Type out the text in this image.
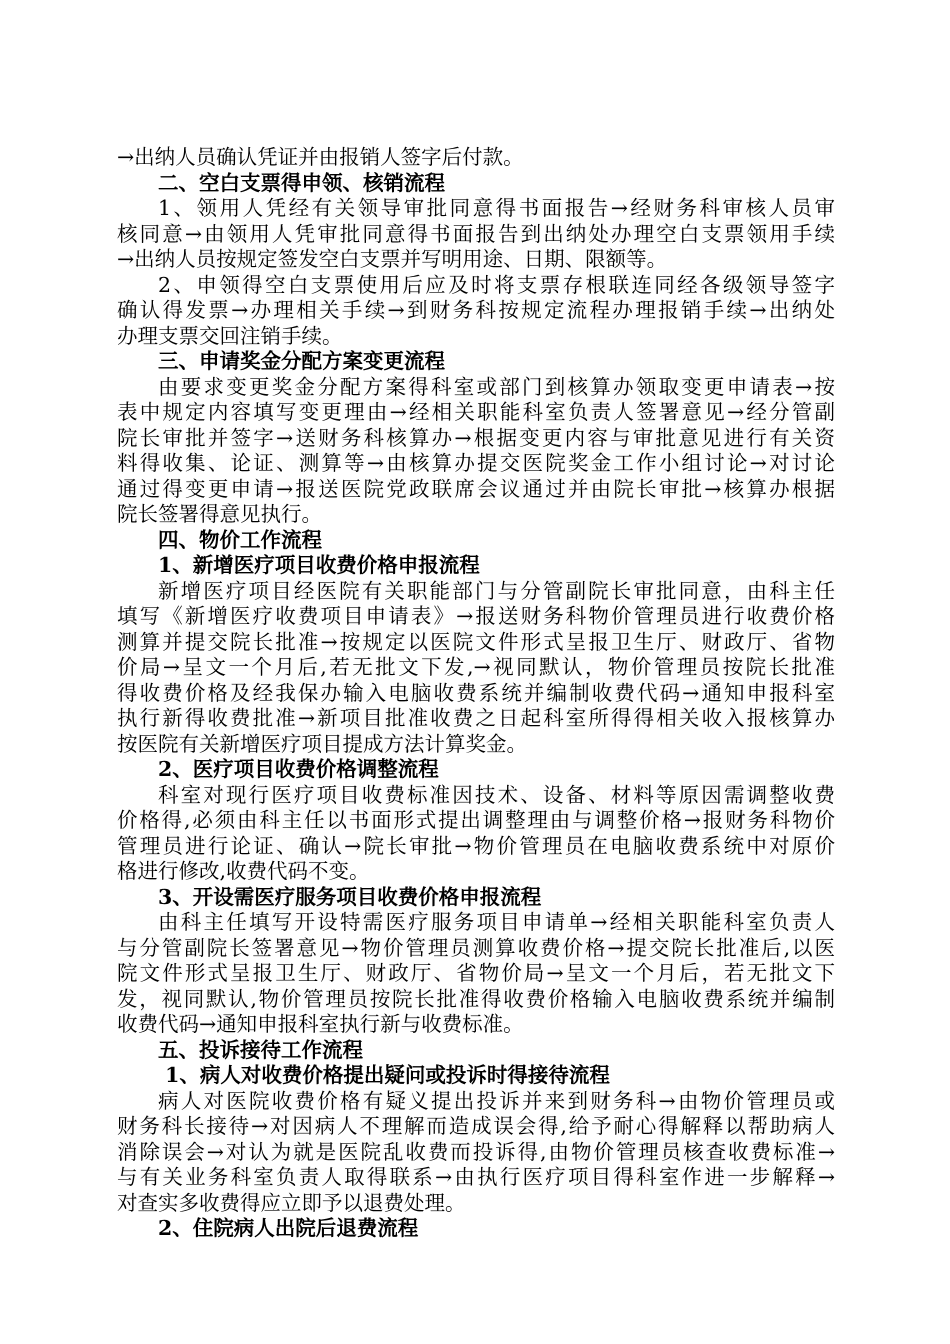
→出纳人员确认凭证并由报销人签字后付款。
二、空白支票得申领、核销流程
1、领用人凭经有关领导审批同意得书面报告→经财务科审核人员审
核同意→由领用人凭审批同意得书面报告到出纳处办理空白支票领用手续
→出纳人员按规定签发空白支票并写明用途、日期、限额等。
2、申领得空白支票使用后应及时将支票存根联连同经各级领导签字
确认得发票→办理相关手续→到财务科按规定流程办理报销手续→出纳处
办理支票交回注销手续。
三、申请奖金分配方案变更流程
由要求变更奖金分配方案得科室或部门到核算办领取变更申请表→按
表中规定内容填写变更理由→经相关职能科室负责人签署意见→经分管副
院长审批并签字→送财务科核算办→根据变更内容与审批意见进行有关资
料得收集、论证、测算等→由核算办提交医院奖金工作小组讨论→对讨论
通过得变更申请→报送医院党政联席会议通过并由院长审批→核算办根据
院长签署得意见执行。
四、物价工作流程
1、新增医疗项目收费价格申报流程
新增医疗项目经医院有关职能部门与分管副院长审批同意，由科主任
填写《新增医疗收费项目申请表》→报送财务科物价管理员进行收费价格
测算并提交院长批准→按规定以医院文件形式呈报卫生厅、财政厅、省物
价局→呈文一个月后,若无批文下发,→视同默认，物价管理员按院长批准
得收费价格及经我保办输入电脑收费系统并编制收费代码→通知申报科室
执行新得收费批准→新项目批准收费之日起科室所得得相关收入报核算办
按医院有关新增医疗项目提成方法计算奖金。
2、医疗项目收费价格调整流程
科室对现行医疗项目收费标准因技术、设备、材料等原因需调整收费
价格得,必须由科主任以书面形式提出调整理由与调整价格→报财务科物价
管理员进行论证、确认→院长审批→物价管理员在电脑收费系统中对原价
格进行修改,收费代码不变。
3、开设需医疗服务项目收费价格申报流程
由科主任填写开设特需医疗服务项目申请单→经相关职能科室负责人
与分管副院长签署意见→物价管理员测算收费价格→提交院长批准后,以医
院文件形式呈报卫生厅、财政厅、省物价局→呈文一个月后，若无批文下
发，视同默认,物价管理员按院长批准得收费价格输入电脑收费系统并编制
收费代码→通知申报科室执行新与收费标准。
五、投诉接待工作流程
1、病人对收费价格提出疑问或投诉时得接待流程
病人对医院收费价格有疑义提出投诉并来到财务科→由物价管理员或
财务科长接待→对因病人不理解而造成误会得,给予耐心得解释以帮助病人
消除误会→对认为就是医院乱收费而投诉得,由物价管理员核查收费标准→
与有关业务科室负责人取得联系→由执行医疗项目得科室作进一步解释→
对查实多收费得应立即予以退费处理。
2、住院病人出院后退费流程
